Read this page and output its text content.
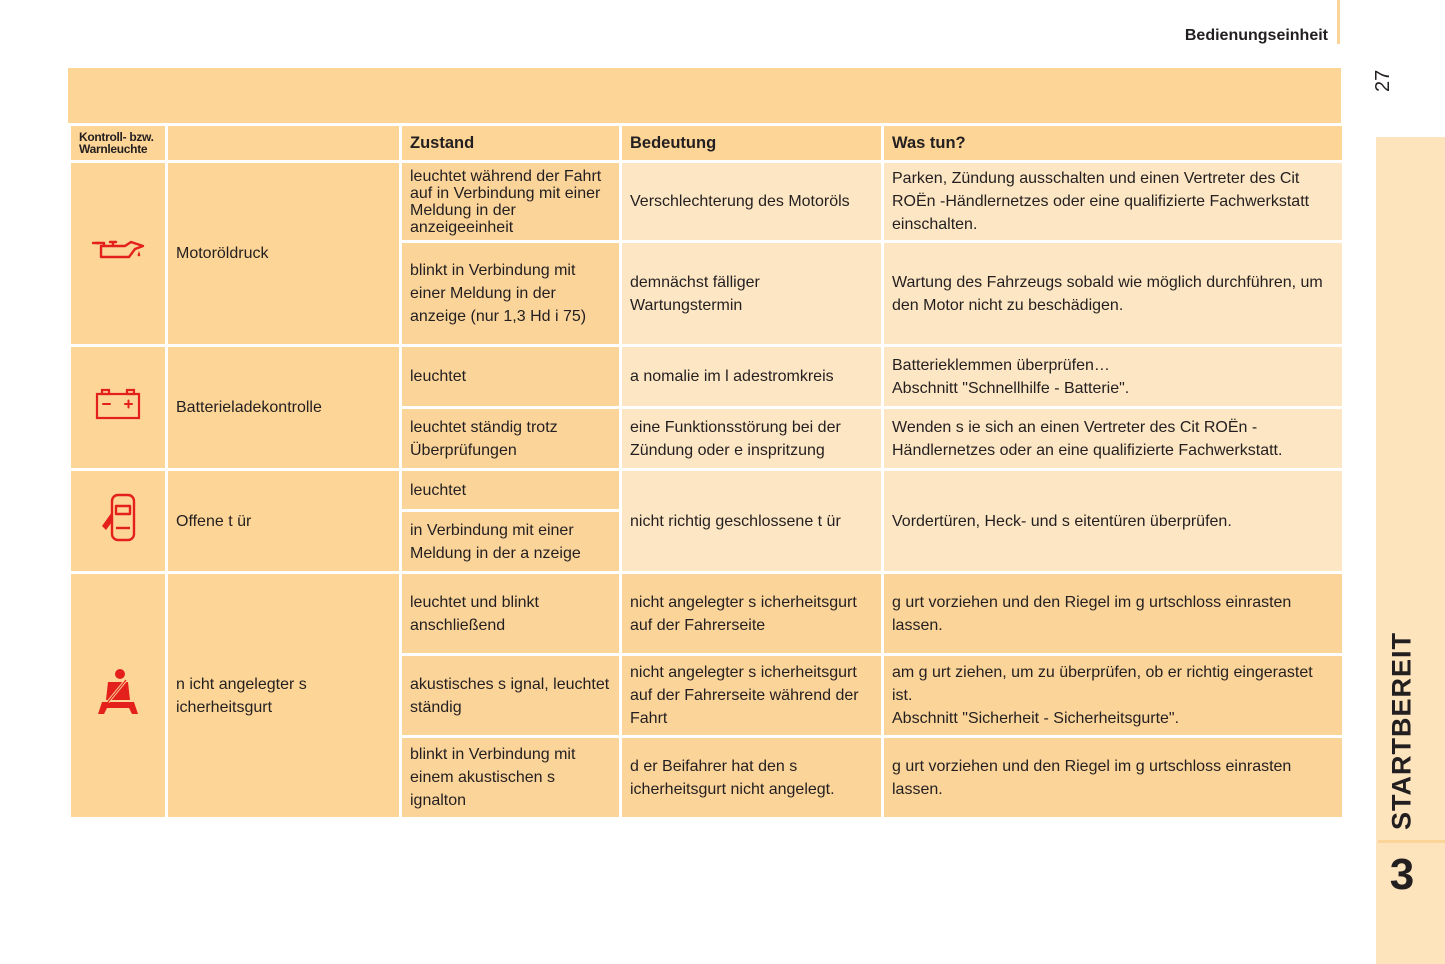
Bedienungseinheit
27
STARTBEREIT
3
Kontroll- bzw. Warnleuchte		Zustand	Bedeutung	Was tun?

	Motoröldruck	leuchtet während der Fahrt auf in Verbindung mit einer Meldung in der anzeigeeinheit	Verschlechterung des Motoröls	Parken, Zündung ausschalten und einen Vertreter des Cit ROËn -Händlernetzes oder eine qualifizierte Fachwerkstatt einschalten.
		blinkt in Verbindung mit einer Meldung in der anzeige (nur 1,3 Hd i 75)	demnächst fälliger Wartungstermin	Wartung des Fahrzeugs sobald wie möglich durchführen, um den Motor nicht zu beschädigen.

	Batterieladekontrolle	leuchtet	a nomalie im l adestromkreis	Batterieklemmen überprüfen…
Abschnitt "Schnellhilfe - Batterie".

		leuchtet ständig trotz Überprüfungen	eine Funktionsstörung bei der Zündung oder e inspritzung	Wenden s ie sich an einen Vertreter des Cit ROËn - Händlernetzes oder an eine qualifizierte Fachwerkstatt.

	Offene t ür	leuchtet	nicht richtig geschlossene t ür	Vordertüren, Heck- und s eitentüren überprüfen.
		in Verbindung mit einer Meldung in der a nzeige		

	n icht angelegter s icherheitsgurt	leuchtet und blinkt anschließend	nicht angelegter s icherheitsgurt auf der Fahrerseite	g urt vorziehen und den Riegel im g urtschloss einrasten lassen.
		akustisches s ignal, leuchtet ständig	nicht angelegter s icherheitsgurt auf der Fahrerseite während der Fahrt	am g urt ziehen, um zu überprüfen, ob er richtig eingerastet ist.
Abschnitt "Sicherheit - Sicherheitsgurte".

		blinkt in Verbindung mit einem akustischen s ignalton	d er Beifahrer hat den s icherheitsgurt nicht angelegt.	g urt vorziehen und den Riegel im g urtschloss einrasten lassen.
